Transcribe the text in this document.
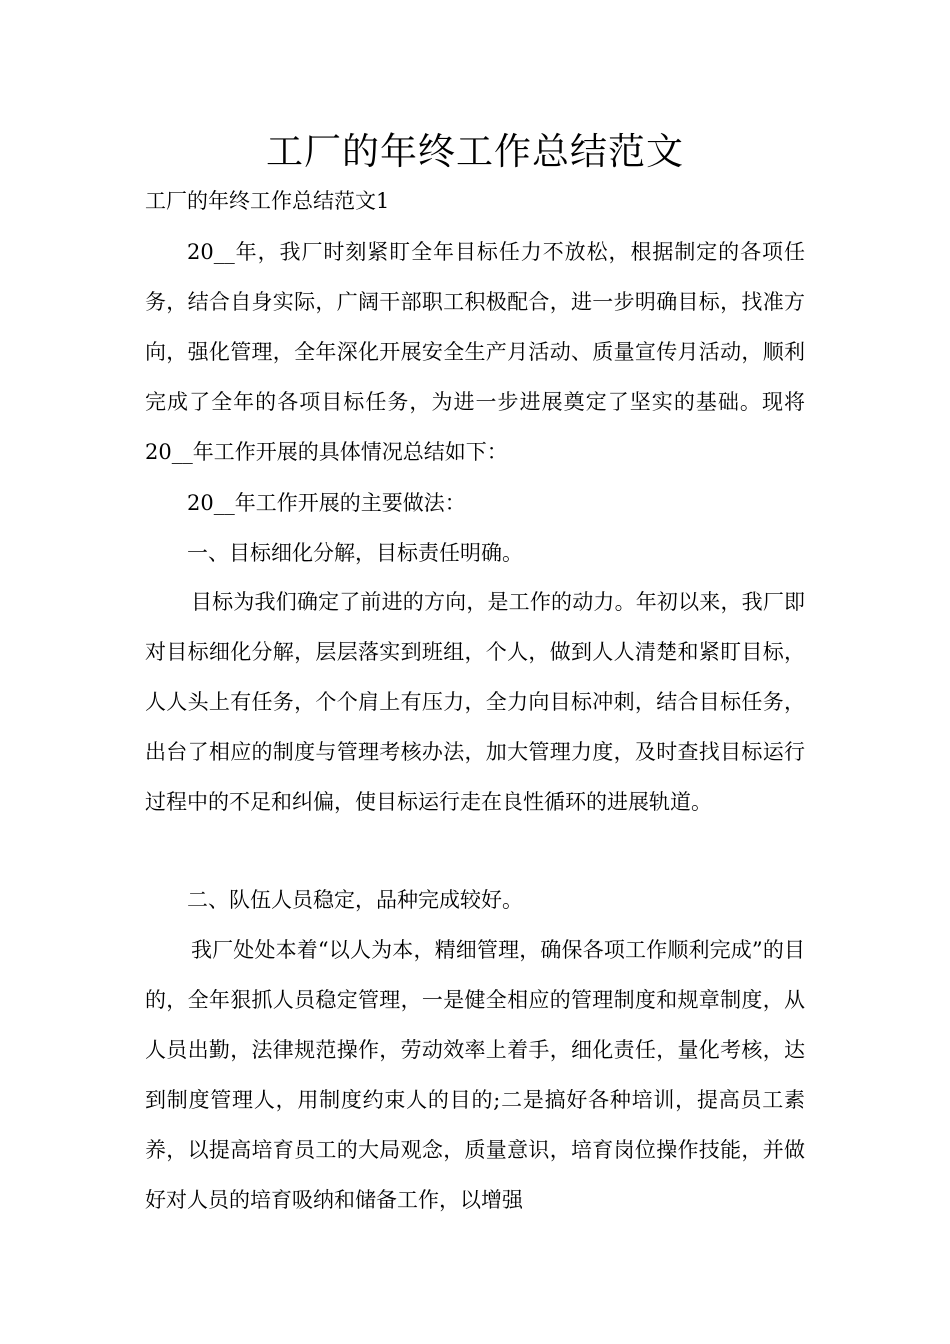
工厂的年终工作总结范文
工厂的年终工作总结范文1
20__年，我厂时刻紧盯全年目标任力不放松，根据制定的各项任务，结合自身实际，广阔干部职工积极配合，进一步明确目标，找准方向，强化管理，全年深化开展安全生产月活动、质量宣传月活动，顺利完成了全年的各项目标任务，为进一步进展奠定了坚实的基础。现将20__年工作开展的具体情况总结如下：
20__年工作开展的主要做法：
一、目标细化分解，目标责任明确。
目标为我们确定了前进的方向，是工作的动力。年初以来，我厂即对目标细化分解，层层落实到班组，个人，做到人人清楚和紧盯目标，人人头上有任务，个个肩上有压力，全力向目标冲刺，结合目标任务，出台了相应的制度与管理考核办法，加大管理力度，及时查找目标运行过程中的不足和纠偏，使目标运行走在良性循环的进展轨道。
二、队伍人员稳定，品种完成较好。
我厂处处本着“以人为本，精细管理，确保各项工作顺利完成”的目的，全年狠抓人员稳定管理，一是健全相应的管理制度和规章制度，从人员出勤，法律规范操作，劳动效率上着手，细化责任，量化考核，达到制度管理人，用制度约束人的目的;二是搞好各种培训，提高员工素养，以提高培育员工的大局观念，质量意识，培育岗位操作技能，并做好对人员的培育吸纳和储备工作，以增强
